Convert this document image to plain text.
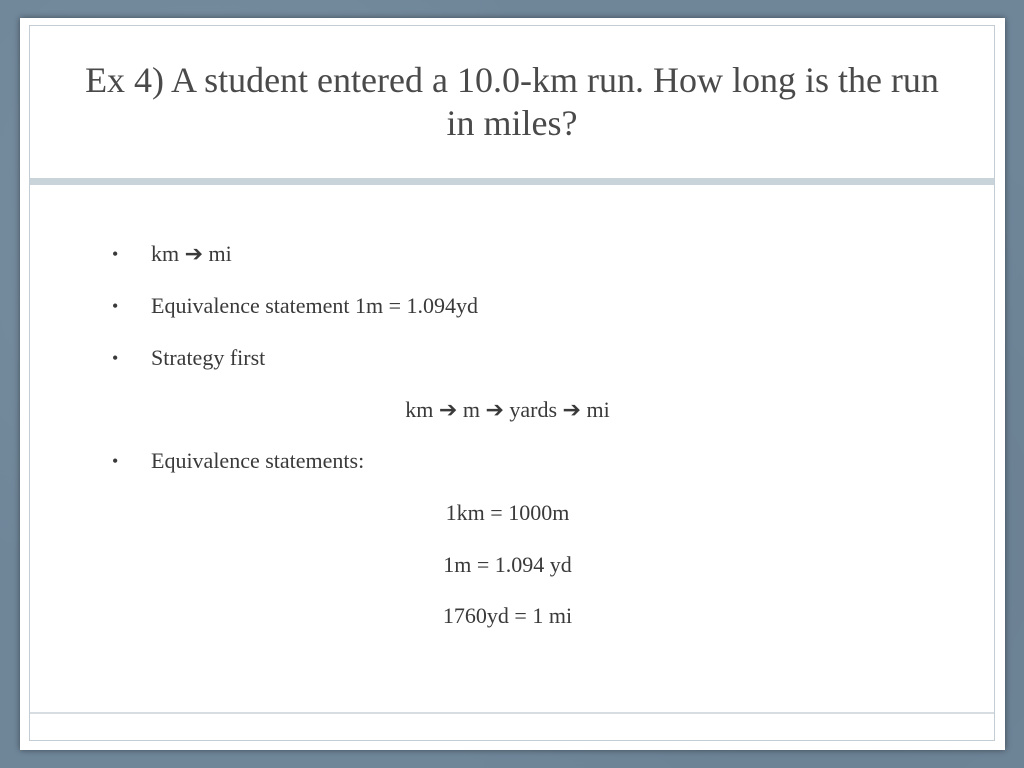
Ex 4) A student entered a 10.0-km run. How long is the run in miles?
• km ➔ mi
• Equivalence statement 1m = 1.094yd
• Strategy first
km ➔ m ➔ yards ➔ mi
• Equivalence statements:
1km = 1000m
1m = 1.094 yd
1760yd = 1 mi
